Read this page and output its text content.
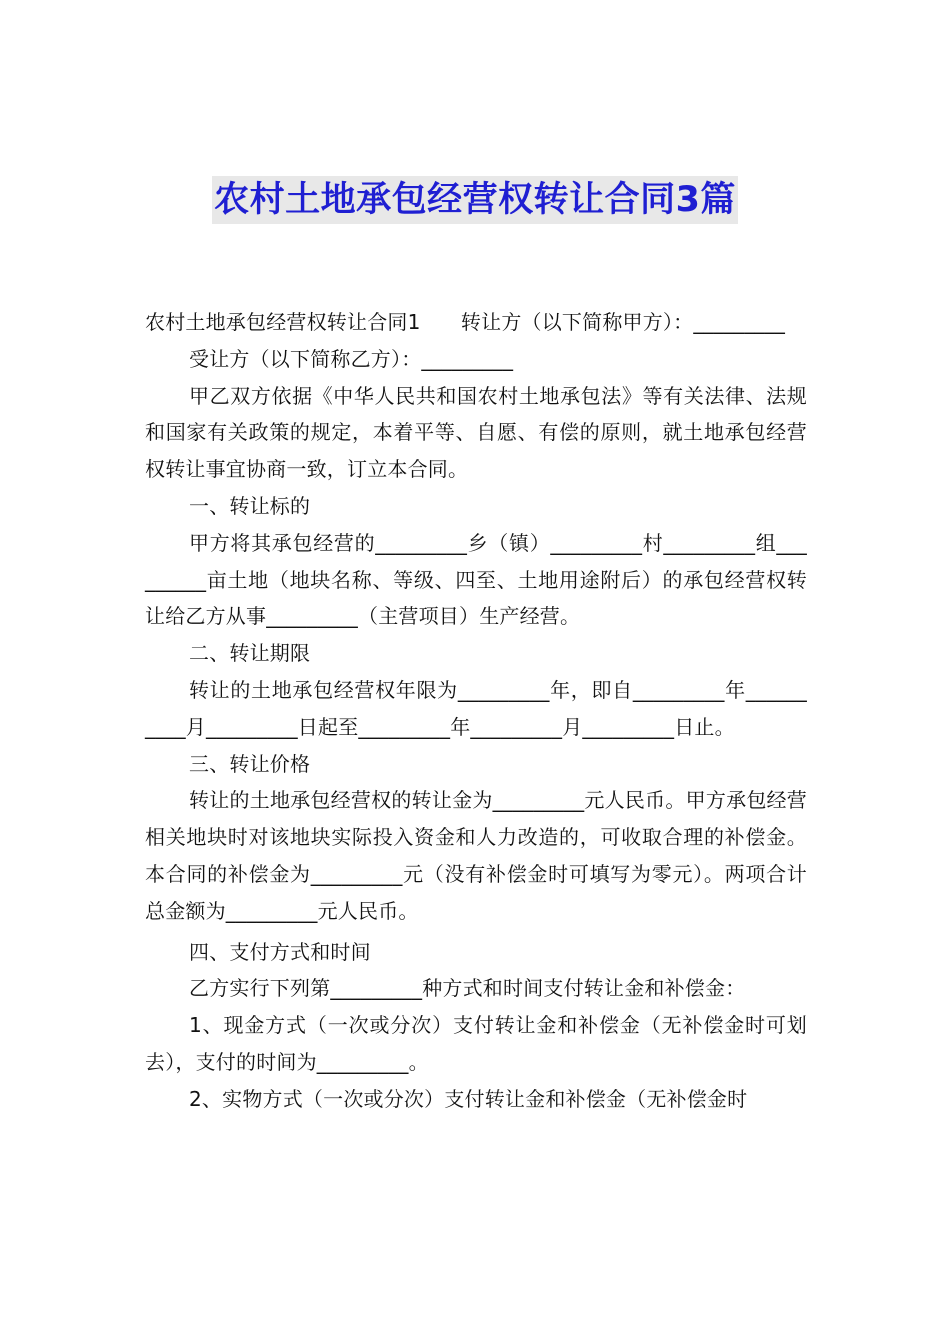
农村土地承包经营权转让合同3篇

农村土地承包经营权转让合同1　　转让方（以下简称甲方）：_________

受让方（以下简称乙方）：_________

甲乙双方依据《中华人民共和国农村土地承包法》等有关法律、法规和国家有关政策的规定，本着平等、自愿、有偿的原则，就土地承包经营权转让事宜协商一致，订立本合同。

一、转让标的

甲方将其承包经营的_________乡（镇）_________村_________组_________亩土地（地块名称、等级、四至、土地用途附后）的承包经营权转让给乙方从事_________（主营项目）生产经营。

二、转让期限

转让的土地承包经营权年限为_________年，即自_________年__________月_________日起至_________年_________月_________日止。

三、转让价格

转让的土地承包经营权的转让金为_________元人民币。甲方承包经营相关地块时对该地块实际投入资金和人力改造的，可收取合理的补偿金。本合同的补偿金为_________元（没有补偿金时可填写为零元）。两项合计总金额为_________元人民币。

四、支付方式和时间

乙方实行下列第_________种方式和时间支付转让金和补偿金：

1、现金方式（一次或分次）支付转让金和补偿金（无补偿金时可划去），支付的时间为_________。

2、实物方式（一次或分次）支付转让金和补偿金（无补偿金时
